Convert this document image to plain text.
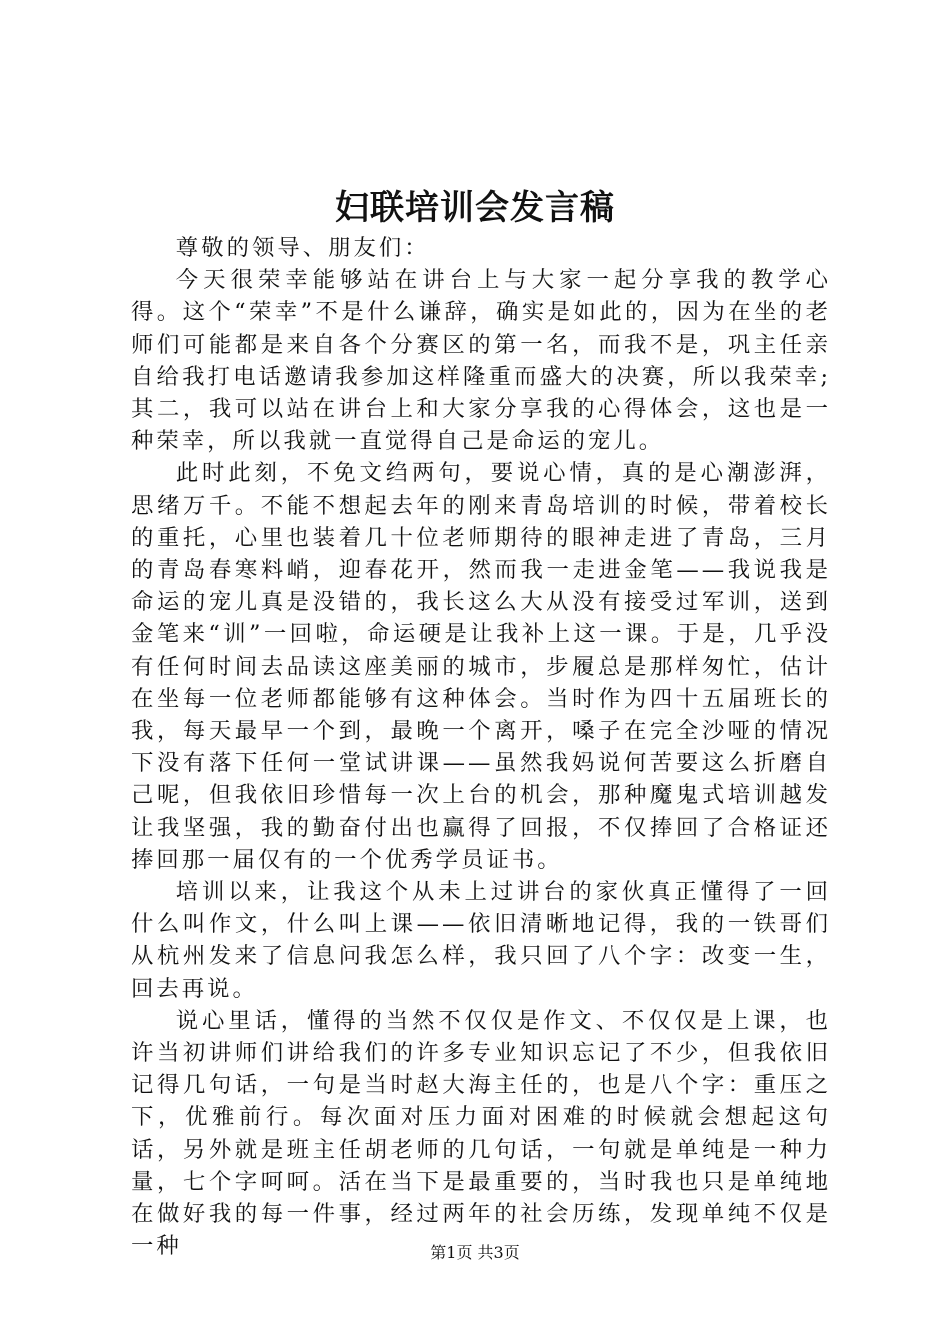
妇联培训会发言稿

尊敬的领导、朋友们：

今天很荣幸能够站在讲台上与大家一起分享我的教学心得。这个“荣幸”不是什么谦辞，确实是如此的，因为在坐的老师们可能都是来自各个分赛区的第一名，而我不是，巩主任亲自给我打电话邀请我参加这样隆重而盛大的决赛，所以我荣幸;其二，我可以站在讲台上和大家分享我的心得体会，这也是一种荣幸，所以我就一直觉得自己是命运的宠儿。

此时此刻，不免文绉两句，要说心情，真的是心潮澎湃，思绪万千。不能不想起去年的刚来青岛培训的时候，带着校长的重托，心里也装着几十位老师期待的眼神走进了青岛，三月的青岛春寒料峭，迎春花开，然而我一走进金笔——我说我是命运的宠儿真是没错的，我长这么大从没有接受过军训，送到金笔来“训”一回啦，命运硬是让我补上这一课。于是，几乎没有任何时间去品读这座美丽的城市，步履总是那样匆忙，估计在坐每一位老师都能够有这种体会。当时作为四十五届班长的我，每天最早一个到，最晚一个离开，嗓子在完全沙哑的情况下没有落下任何一堂试讲课——虽然我妈说何苦要这么折磨自己呢，但我依旧珍惜每一次上台的机会，那种魔鬼式培训越发让我坚强，我的勤奋付出也赢得了回报，不仅捧回了合格证还捧回那一届仅有的一个优秀学员证书。

培训以来，让我这个从未上过讲台的家伙真正懂得了一回什么叫作文，什么叫上课——依旧清晰地记得，我的一铁哥们从杭州发来了信息问我怎么样，我只回了八个字：改变一生，回去再说。

说心里话，懂得的当然不仅仅是作文、不仅仅是上课，也许当初讲师们讲给我们的许多专业知识忘记了不少，但我依旧记得几句话，一句是当时赵大海主任的，也是八个字：重压之下，优雅前行。每次面对压力面对困难的时候就会想起这句话，另外就是班主任胡老师的几句话，一句就是单纯是一种力量，七个字呵呵。活在当下是最重要的，当时我也只是单纯地在做好我的每一件事，经过两年的社会历练，发现单纯不仅是一种	第1页 共3页
